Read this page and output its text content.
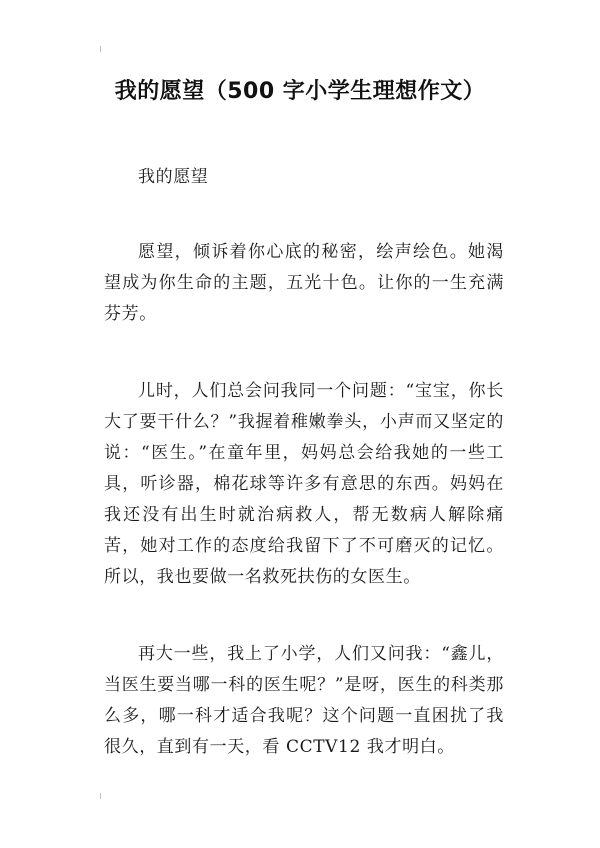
我的愿望（500 字小学生理想作文）

我的愿望

愿望，倾诉着你心底的秘密，绘声绘色。她渴望成为你生命的主题，五光十色。让你的一生充满芬芳。

儿时，人们总会问我同一个问题：“宝宝，你长大了要干什么？”我握着稚嫩拳头，小声而又坚定的说：“医生。”在童年里，妈妈总会给我她的一些工具，听诊器，棉花球等许多有意思的东西。妈妈在我还没有出生时就治病救人，帮无数病人解除痛苦，她对工作的态度给我留下了不可磨灭的记忆。所以，我也要做一名救死扶伤的女医生。

再大一些，我上了小学，人们又问我：“鑫儿，当医生要当哪一科的医生呢？”是呀，医生的科类那么多，哪一科才适合我呢？这个问题一直困扰了我很久，直到有一天，看 CCTV12 我才明白。
